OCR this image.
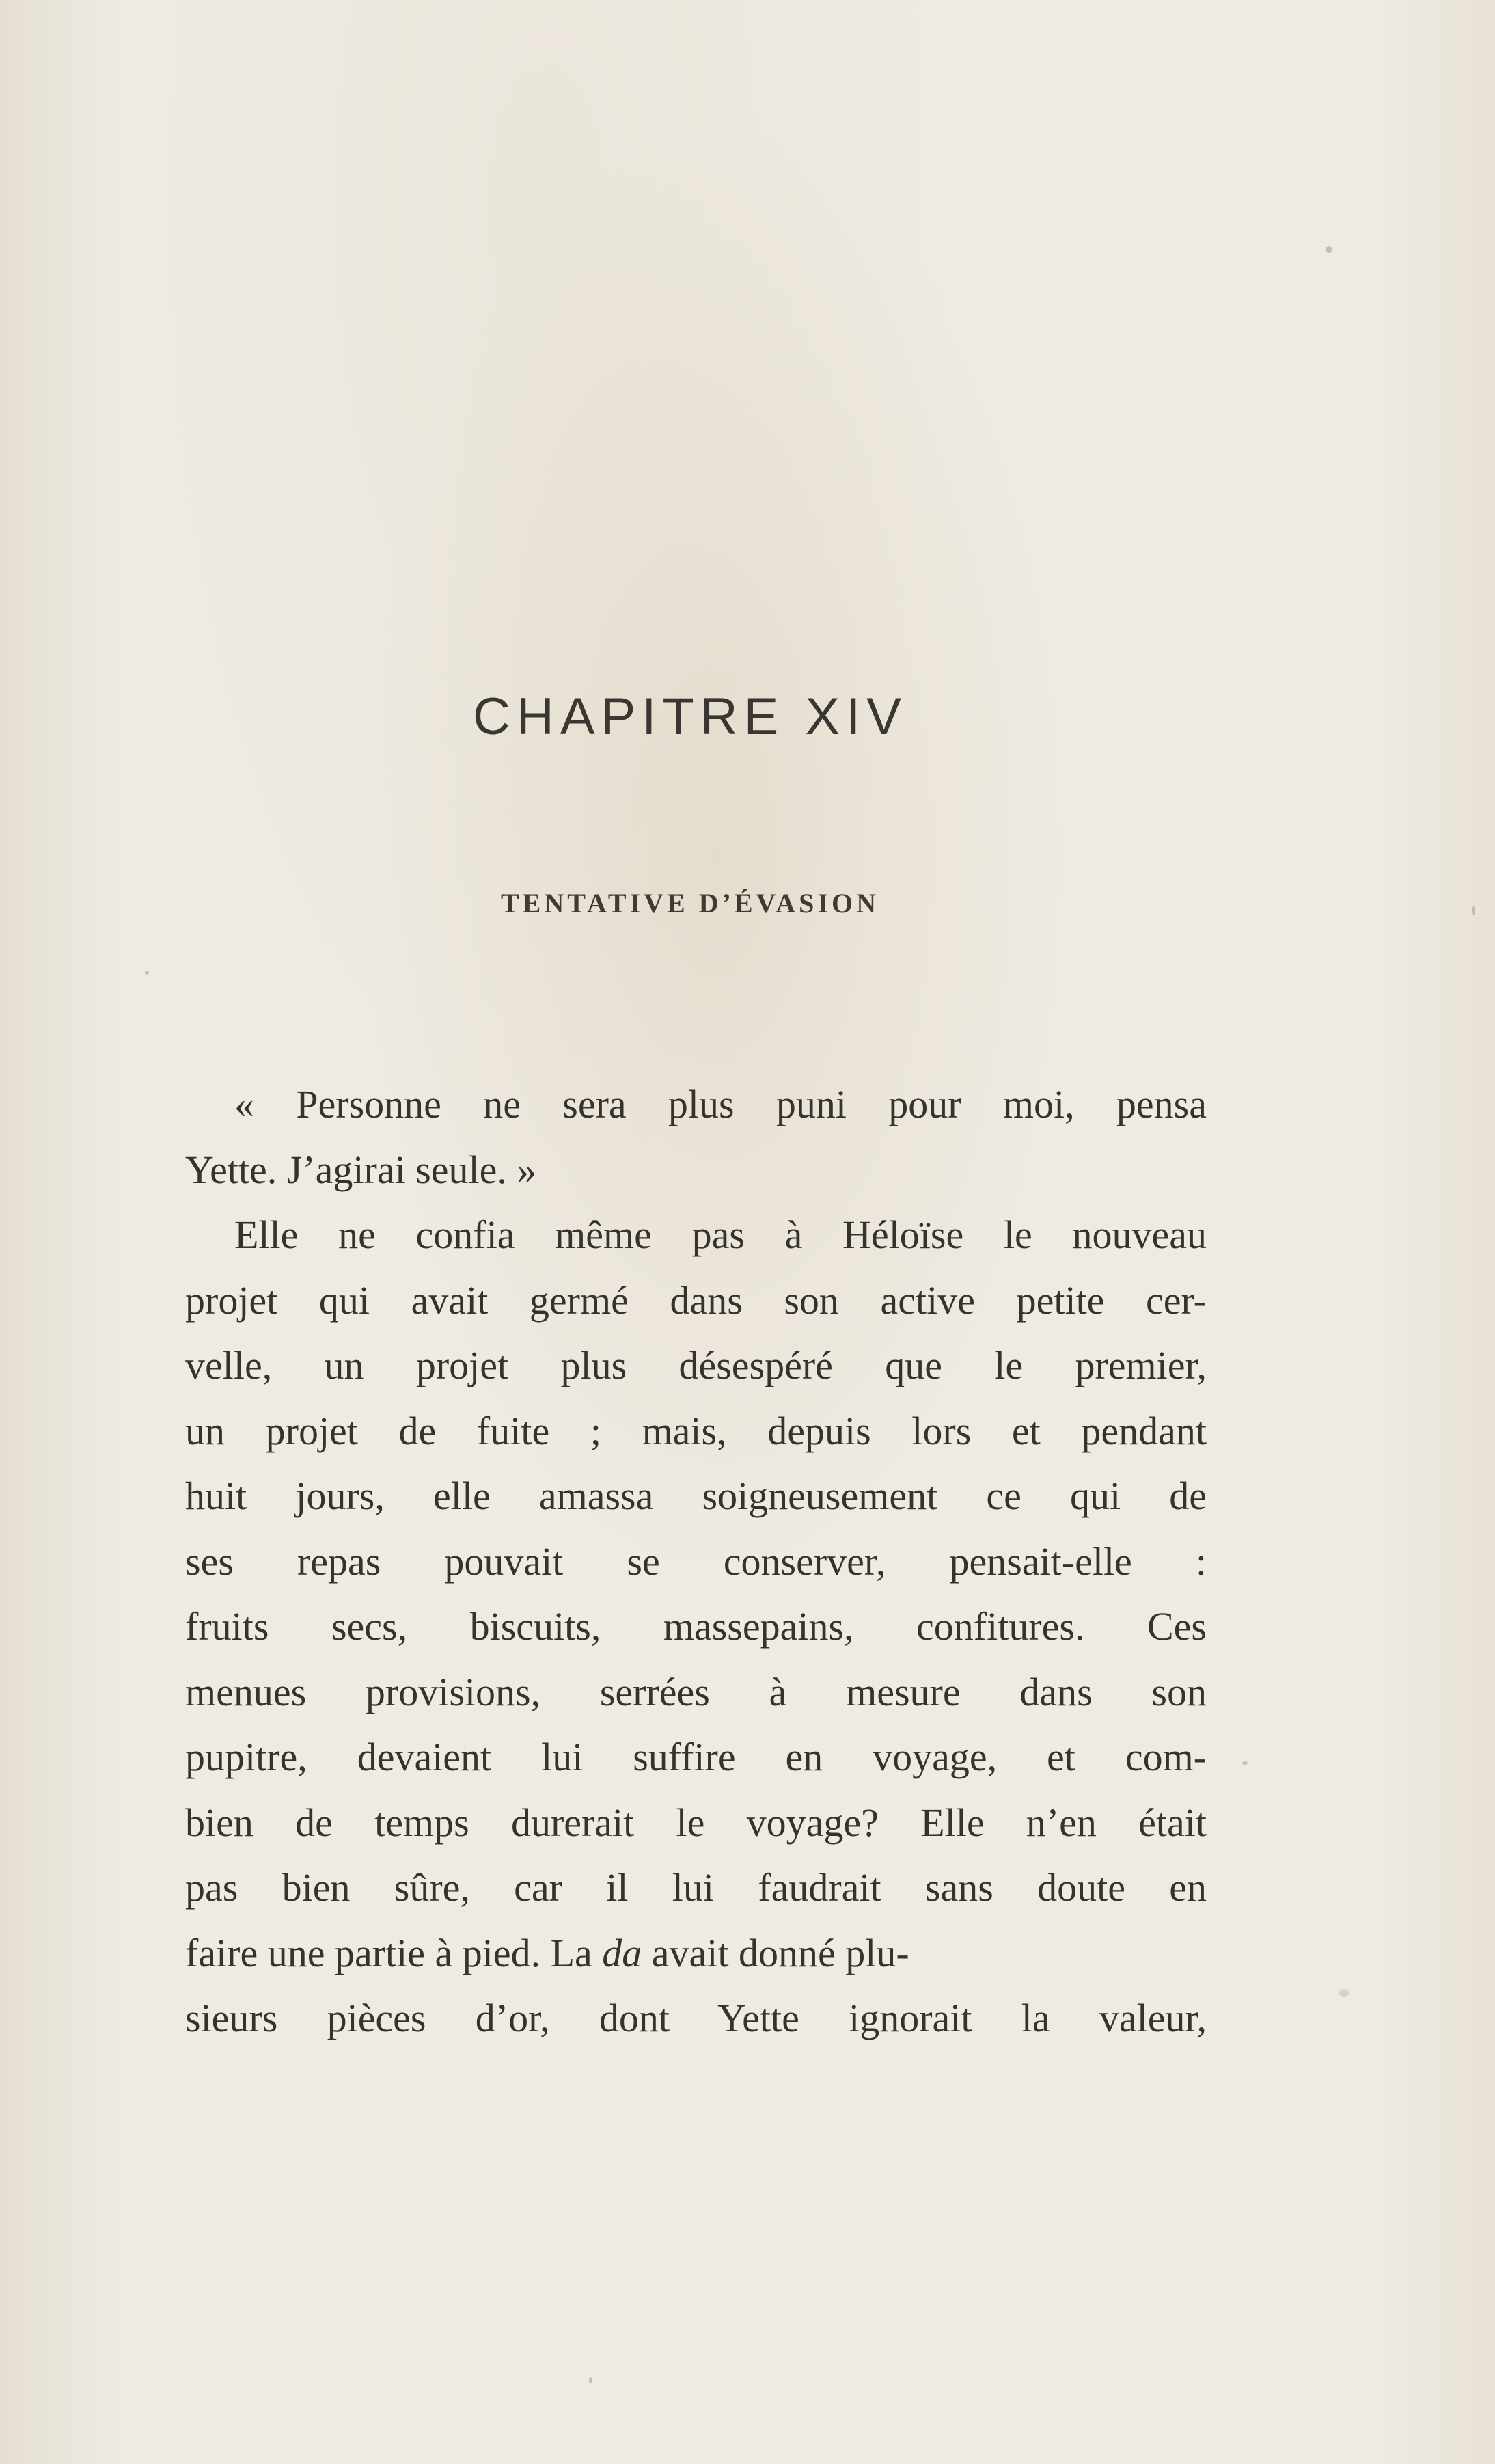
CHAPITRE XIV
TENTATIVE D’ÉVASION
« Personne ne sera plus puni pour moi, pensa
Yette. J’agirai seule. »
Elle ne confia même pas à Héloïse le nouveau
projet qui avait germé dans son active petite cer-
velle, un projet plus désespéré que le premier,
un projet de fuite ; mais, depuis lors et pendant
huit jours, elle amassa soigneusement ce qui de
ses repas pouvait se conserver, pensait-elle :
fruits secs, biscuits, massepains, confitures. Ces
menues provisions, serrées à mesure dans son
pupitre, devaient lui suffire en voyage, et com-
bien de temps durerait le voyage? Elle n’en était
pas bien sûre, car il lui faudrait sans doute en
faire une partie à pied. La da avait donné plu-
sieurs pièces d’or, dont Yette ignorait la valeur,
